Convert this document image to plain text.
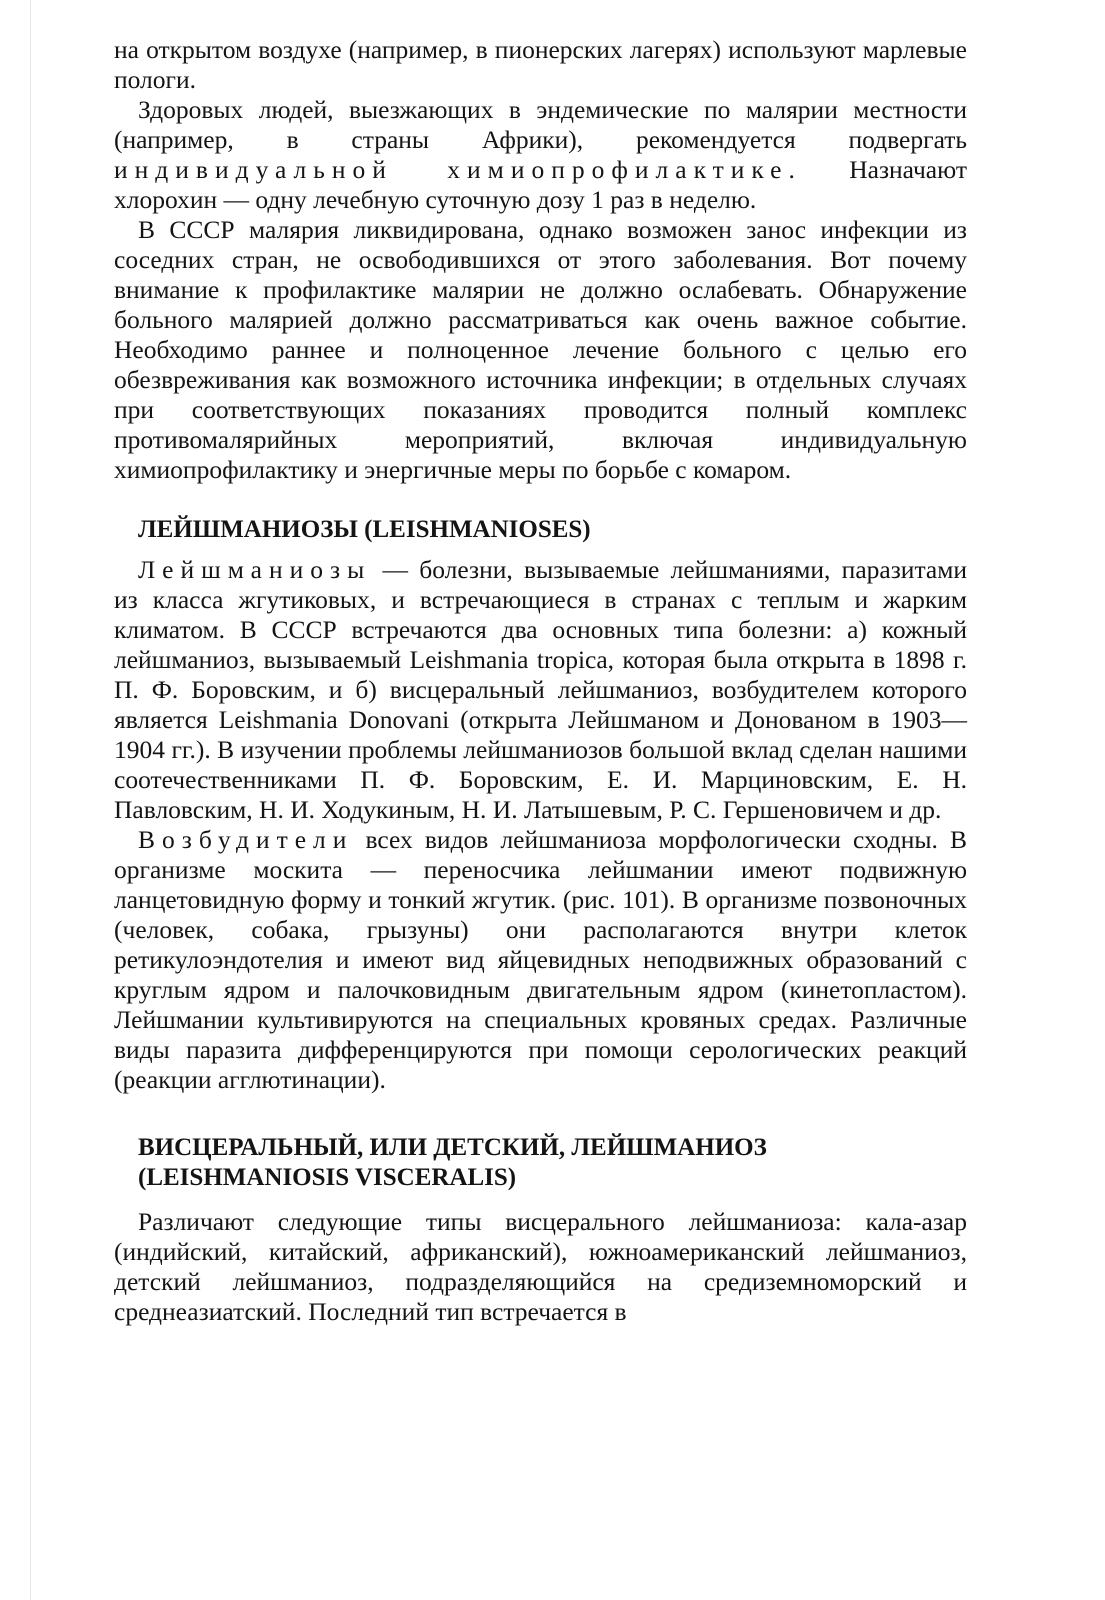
на открытом воздухе (например, в пионерских лагерях) используют марлевые пологи.

Здоровых людей, выезжающих в эндемические по малярии местности (например, в страны Африки), рекомендуется подвергать индивидуальной химиопрофилактике. Назначают хлорохин — одну лечебную суточную дозу 1 раз в неделю.

В СССР малярия ликвидирована, однако возможен занос инфекции из соседних стран, не освободившихся от этого заболевания. Вот почему внимание к профилактике малярии не должно ослабевать. Обнаружение больного малярией должно рассматриваться как очень важное событие. Необходимо раннее и полноценное лечение больного с целью его обезвреживания как возможного источника инфекции; в отдельных случаях при соответствующих показаниях проводится полный комплекс противомалярийных мероприятий, включая индивидуальную химиопрофилактику и энергичные меры по борьбе с комаром.

ЛЕЙШМАНИОЗЫ (LEISHMANIOSES)

Лейшманиозы — болезни, вызываемые лейшманиями, паразитами из класса жгутиковых, и встречающиеся в странах с теплым и жарким климатом. В СССР встречаются два основных типа болезни: а) кожный лейшманиоз, вызываемый Leishmania tropica, которая была открыта в 1898 г. П. Ф. Боровским, и б) висцеральный лейшманиоз, возбудителем которого является Leishmania Donovani (открыта Лейшманом и Донованом в 1903—1904 гг.). В изучении проблемы лейшманиозов большой вклад сделан нашими соотечественниками П. Ф. Боровским, Е. И. Марциновским, Е. Н. Павловским, Н. И. Ходукиным, Н. И. Латышевым, Р. С. Гершеновичем и др.

Возбудители всех видов лейшманиоза морфологически сходны. В организме москита — переносчика лейшмании имеют подвижную ланцетовидную форму и тонкий жгутик. (рис. 101). В организме позвоночных (человек, собака, грызуны) они располагаются внутри клеток ретикулоэндотелия и имеют вид яйцевидных неподвижных образований с круглым ядром и палочковидным двигательным ядром (кинетопластом). Лейшмании культивируются на специальных кровяных средах. Различные виды паразита дифференцируются при помощи серологических реакций (реакции агглютинации).

ВИСЦЕРАЛЬНЫЙ, ИЛИ ДЕТСКИЙ, ЛЕЙШМАНИОЗ (LEISHMANIOSIS VISCERALIS)

Различают следующие типы висцерального лейшманиоза: кала-азар (индийский, китайский, африканский), южноамериканский лейшманиоз, детский лейшманиоз, подразделяющийся на средиземноморский и среднеазиатский. Последний тип встречается в
